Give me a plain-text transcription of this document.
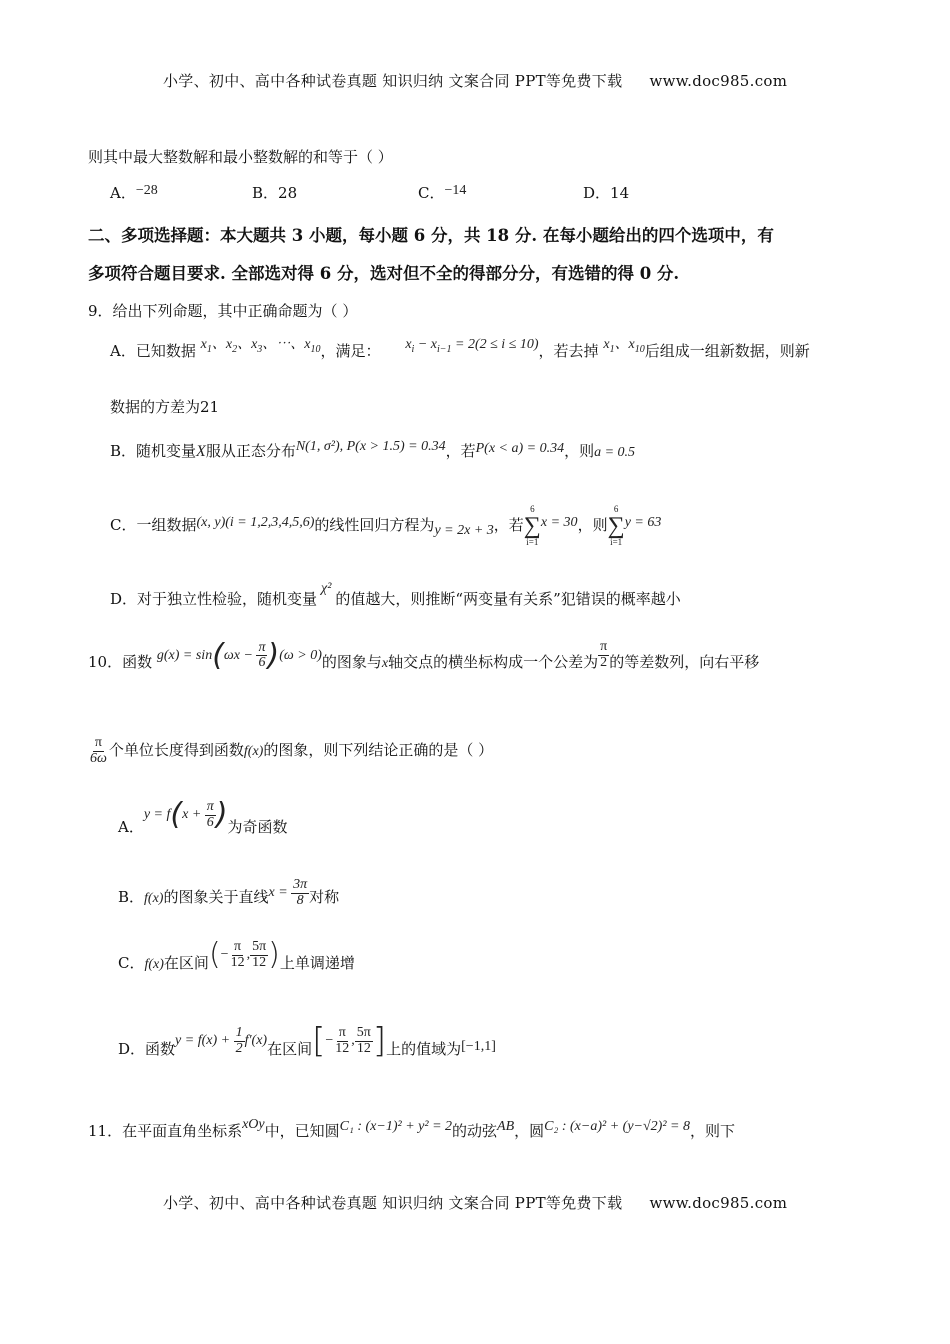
小学、初中、高中各种试卷真题 知识归纳 文案合同 PPT等免费下载 www.doc985.com
则其中最大整数解和最小整数解的和等于（ ）
A．−28	B．28	C．−14	D．14
二、多项选择题：本大题共 3 小题，每小题 6 分，共 18 分. 在每小题给出的四个选项中，有
多项符合题目要求. 全部选对得 6 分，选对但不全的得部分分，有选错的得 0 分.
9．给出下列命题，其中正确命题为（ ）
A．已知数据 $x_1$、$x_2$、$x_3$、⋯、$x_{10}$，满足： $x_i - x_{i-1} = 2(2 \le i \le 10)$，若去掉 $x_1$、$x_{10}$后组成一组新数据，则新
数据的方差为21
B．随机变量X服从正态分布N(1, σ²), P(x > 1.5) = 0.34，若P(x < a) = 0.34，则a = 0.5
C．一组数据(x, y)(i = 1,2,3,4,5,6)的线性回归方程为y = 2x + 3，若
6
∑
i=1
x = 30，则
6
∑
i=1
y = 63
D．对于独立性检验，随机变量χ²的值越大，则推断“两变量有关系”犯错误的概率越小
10．函数 $g(x) = \sin(\omega x - \frac{\pi}{6} )(\omega > 0)$的图象与x轴交点的横坐标构成一个公差为 $\frac{\pi}{2}$ 的等差数列，向右平移
$\frac{\pi}{6\omega}$ 个单位长度得到函数f(x)的图象，则下列结论正确的是（ ）
A．$y = f(x + \frac{\pi}{6}$ )为奇函数
B．f(x)的图象关于直线$x = \frac{3\pi}{8}$ 对称
C．f(x)在区间(− $\frac{\pi}{12}$ , $\frac{5\pi}{12}$ )上单调递增
D．函数$y = f(x) + \frac{1}{2} f'(x)$在区间[− $\frac{\pi}{12}$ , $\frac{5\pi}{12}$ ]上的值域为[−1,1]
11．在平面直角坐标系xOy中，已知圆C₁ : (x−1)² + y² = 2的动弦AB，圆C₂ : (x−a)² + (y−√2)² = 8，则下
小学、初中、高中各种试卷真题 知识归纳 文案合同 PPT等免费下载 www.doc985.com
